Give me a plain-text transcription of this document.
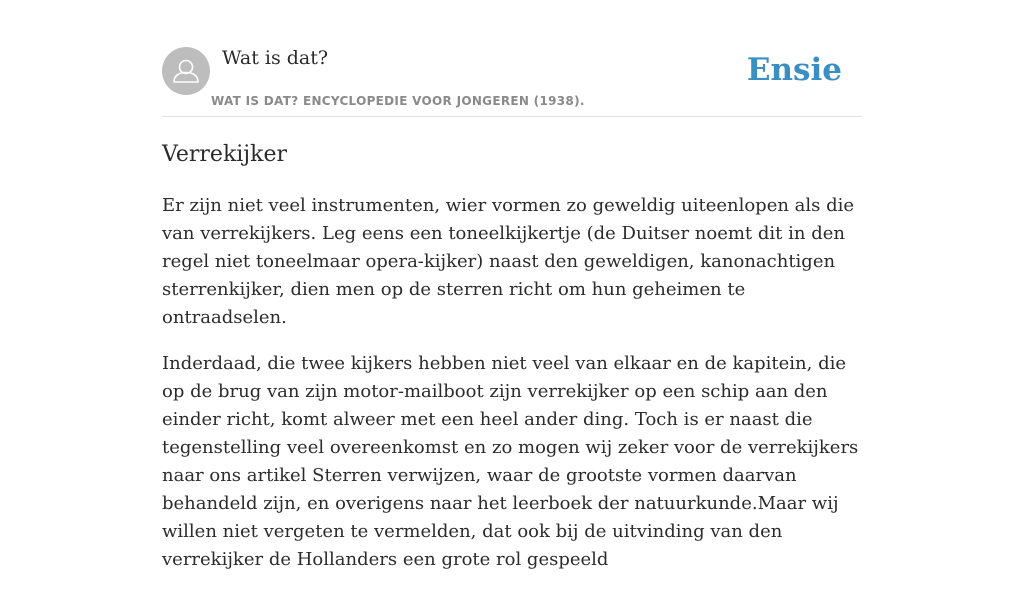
Wat is dat?
WAT IS DAT? ENCYCLOPEDIE VOOR JONGEREN (1938).
Ensie
Verrekijker

Er zijn niet veel instrumenten, wier vormen zo geweldig uiteenlopen als die van verrekijkers. Leg eens een toneelkijkertje (de Duitser noemt dit in den regel niet toneelmaar opera-kijker) naast den geweldigen, kanonachtigen sterrenkijker, dien men op de sterren richt om hun geheimen te ontraadselen.

Inderdaad, die twee kijkers hebben niet veel van elkaar en de kapitein, die op de brug van zijn motor-mailboot zijn verrekijker op een schip aan den einder richt, komt alweer met een heel ander ding. Toch is er naast die tegenstelling veel overeenkomst en zo mogen wij zeker voor de verrekijkers naar ons artikel Sterren verwijzen, waar de grootste vormen daarvan behandeld zijn, en overigens naar het leerboek der natuurkunde.Maar wij willen niet vergeten te vermelden, dat ook bij de uitvinding van den verrekijker de Hollanders een grote rol gespeeld
